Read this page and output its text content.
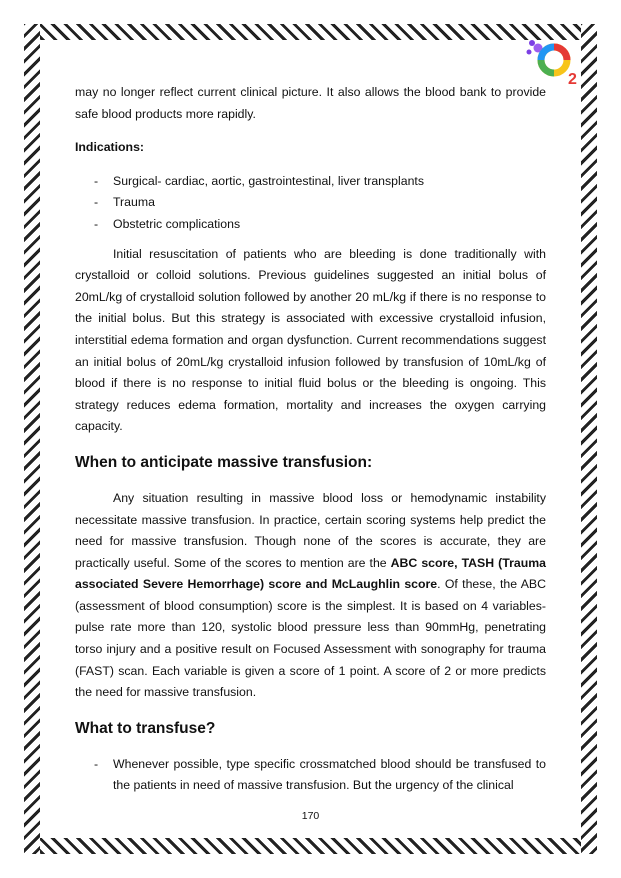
2

may no longer reflect current clinical picture. It also allows the blood bank to provide safe blood products more rapidly.

Indications:

- Surgical- cardiac, aortic, gastrointestinal, liver transplants
- Trauma
- Obstetric complications

Initial resuscitation of patients who are bleeding is done traditionally with crystalloid or colloid solutions. Previous guidelines suggested an initial bolus of 20mL/kg of crystalloid solution followed by another 20 mL/kg if there is no response to the initial bolus. But this strategy is associated with excessive crystalloid infusion, interstitial edema formation and organ dysfunction. Current recommendations suggest an initial bolus of 20mL/kg crystalloid infusion followed by transfusion of 10mL/kg of blood if there is no response to initial fluid bolus or the bleeding is ongoing. This strategy reduces edema formation, mortality and increases the oxygen carrying capacity.

When to anticipate massive transfusion:

Any situation resulting in massive blood loss or hemodynamic instability necessitate massive transfusion. In practice, certain scoring systems help predict the need for massive transfusion. Though none of the scores is accurate, they are practically useful. Some of the scores to mention are the ABC score, TASH (Trauma associated Severe Hemorrhage) score and McLaughlin score. Of these, the ABC (assessment of blood consumption) score is the simplest. It is based on 4 variables- pulse rate more than 120, systolic blood pressure less than 90mmHg, penetrating torso injury and a positive result on Focused Assessment with sonography for trauma (FAST) scan. Each variable is given a score of 1 point. A score of 2 or more predicts the need for massive transfusion.

What to transfuse?
- Whenever possible, type specific crossmatched blood should be transfused to the patients in need of massive transfusion. But the urgency of the clinical
170
